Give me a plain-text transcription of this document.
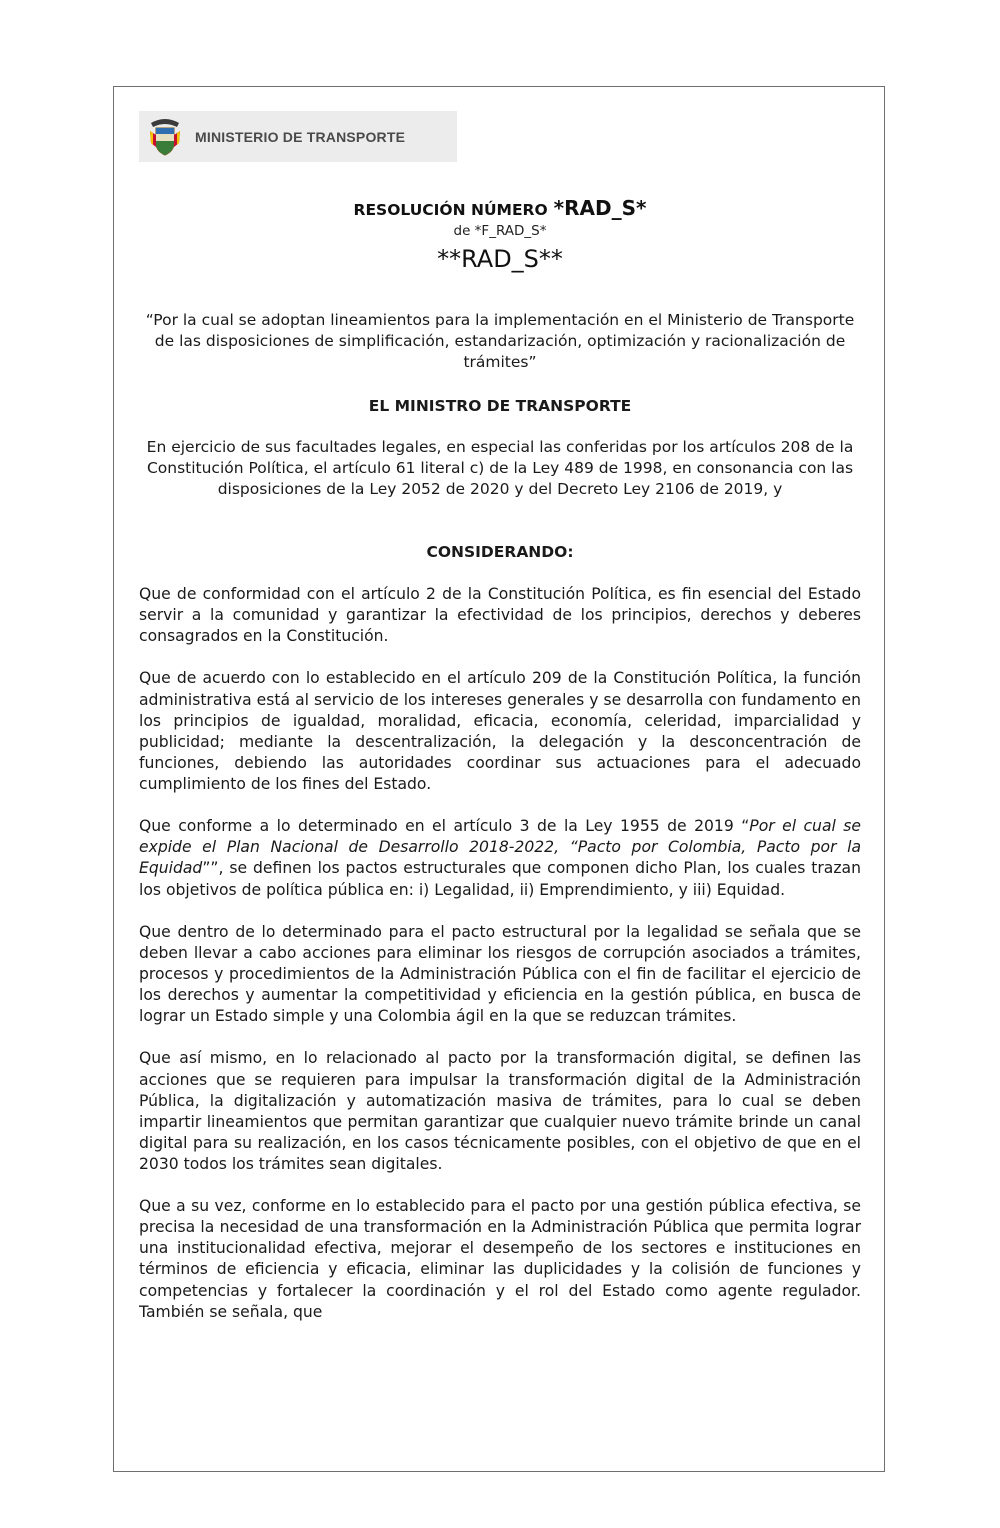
MINISTERIO DE TRANSPORTE
RESOLUCIÓN NÚMERO *RAD_S*
de *F_RAD_S*
**RAD_S**
“Por la cual se adoptan lineamientos para la implementación en el Ministerio de Transporte de las disposiciones de simplificación, estandarización, optimización y racionalización de trámites”
EL MINISTRO DE TRANSPORTE
En ejercicio de sus facultades legales, en especial las conferidas por los artículos 208 de la Constitución Política, el artículo 61 literal c) de la Ley 489 de 1998, en consonancia con las disposiciones de la Ley 2052 de 2020 y del Decreto Ley 2106 de 2019, y
CONSIDERANDO:

Que de conformidad con el artículo 2 de la Constitución Política, es fin esencial del Estado servir a la comunidad y garantizar la efectividad de los principios, derechos y deberes consagrados en la Constitución.

Que de acuerdo con lo establecido en el artículo 209 de la Constitución Política, la función administrativa está al servicio de los intereses generales y se desarrolla con fundamento en los principios de igualdad, moralidad, eficacia, economía, celeridad, imparcialidad y publicidad; mediante la descentralización, la delegación y la desconcentración de funciones, debiendo las autoridades coordinar sus actuaciones para el adecuado cumplimiento de los fines del Estado.

Que conforme a lo determinado en el artículo 3 de la Ley 1955 de 2019 “Por el cual se expide el Plan Nacional de Desarrollo 2018-2022, “Pacto por Colombia, Pacto por la Equidad””, se definen los pactos estructurales que componen dicho Plan, los cuales trazan los objetivos de política pública en: i) Legalidad, ii) Emprendimiento, y iii) Equidad.

Que dentro de lo determinado para el pacto estructural por la legalidad se señala que se deben llevar a cabo acciones para eliminar los riesgos de corrupción asociados a trámites, procesos y procedimientos de la Administración Pública con el fin de facilitar el ejercicio de los derechos y aumentar la competitividad y eficiencia en la gestión pública, en busca de lograr un Estado simple y una Colombia ágil en la que se reduzcan trámites.

Que así mismo, en lo relacionado al pacto por la transformación digital, se definen las acciones que se requieren para impulsar la transformación digital de la Administración Pública, la digitalización y automatización masiva de trámites, para lo cual se deben impartir lineamientos que permitan garantizar que cualquier nuevo trámite brinde un canal digital para su realización, en los casos técnicamente posibles, con el objetivo de que en el 2030 todos los trámites sean digitales.

Que a su vez, conforme en lo establecido para el pacto por una gestión pública efectiva, se precisa la necesidad de una transformación en la Administración Pública que permita lograr una institucionalidad efectiva, mejorar el desempeño de los sectores e instituciones en términos de eficiencia y eficacia, eliminar las duplicidades y la colisión de funciones y competencias y fortalecer la coordinación y el rol del Estado como agente regulador. También se señala, que
